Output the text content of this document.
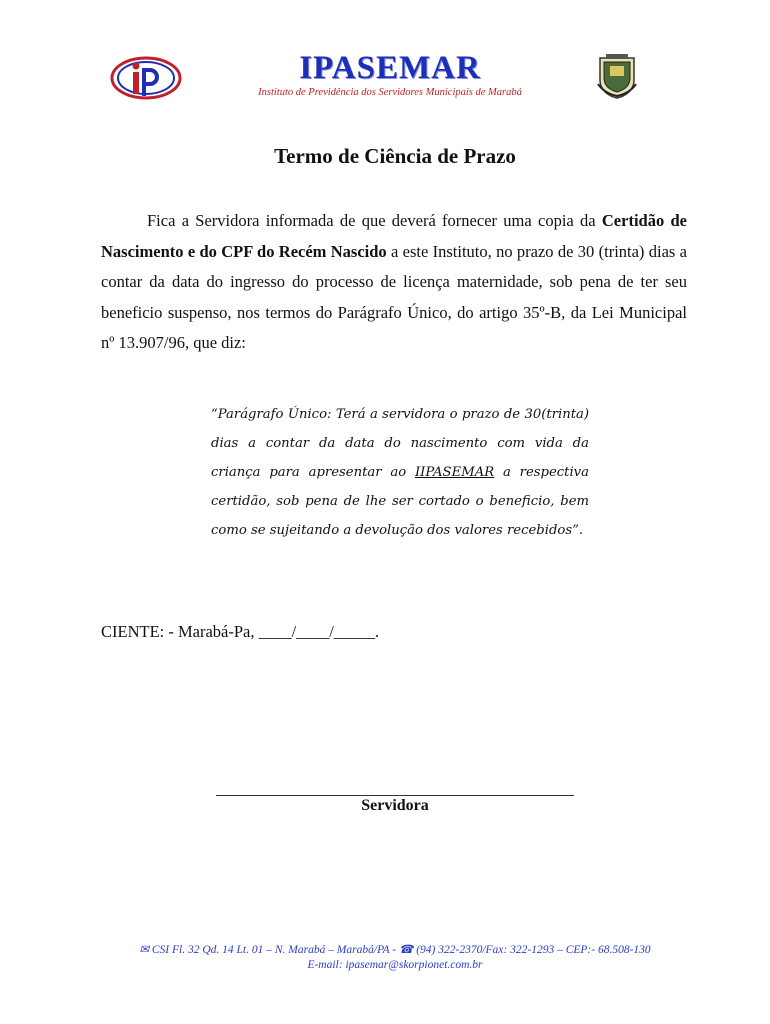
IPASEMAR
Instituto de Previdência dos Servidores Municipais de Marabá
Termo de Ciência de Prazo
Fica a Servidora informada de que deverá fornecer uma copia da Certidão de Nascimento e do CPF do Recém Nascido a este Instituto, no prazo de 30 (trinta) dias a contar da data do ingresso do processo de licença maternidade, sob pena de ter seu beneficio suspenso, nos termos do Parágrafo Único, do artigo 35º-B, da Lei Municipal nº 13.907/96, que diz:
“Parágrafo Único: Terá a servidora o prazo de 30(trinta) dias a contar da data do nascimento com vida da criança para apresentar ao IIPASEMAR a respectiva certidão, sob pena de lhe ser cortado o beneficio, bem como se sujeitando a devolução dos valores recebidos”.
CIENTE: - Marabá-Pa, ____/____/_____.
Servidora
✉ CSI Fl. 32 Qd. 14 Lt. 01 – N. Marabá – Marabá/PA - ☎ (94) 322-2370/Fax: 322-1293 – CEP:- 68.508-130
E-mail: ipasemar@skorpionet.com.br
